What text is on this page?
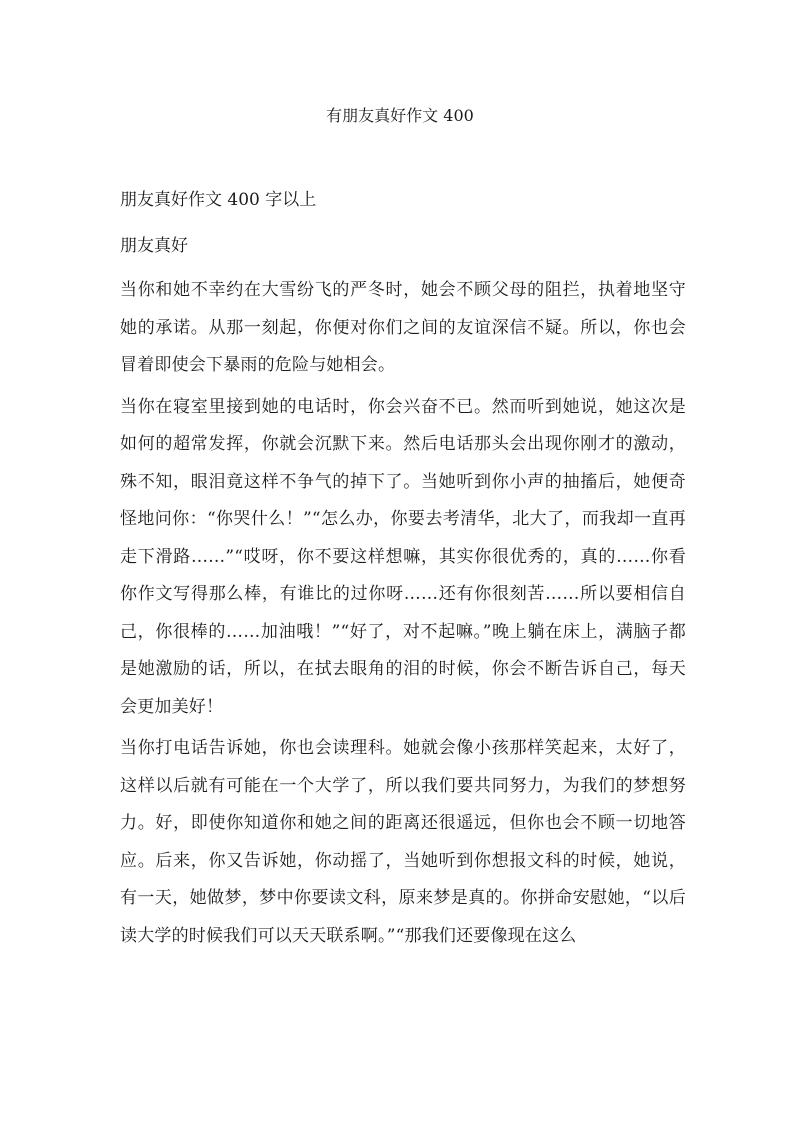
有朋友真好作文 400

朋友真好作文 400 字以上

朋友真好

当你和她不幸约在大雪纷飞的严冬时，她会不顾父母的阻拦，执着地坚守她的承诺。从那一刻起，你便对你们之间的友谊深信不疑。所以，你也会冒着即使会下暴雨的危险与她相会。

当你在寝室里接到她的电话时，你会兴奋不已。然而听到她说，她这次是如何的超常发挥，你就会沉默下来。然后电话那头会出现你刚才的激动，殊不知，眼泪竟这样不争气的掉下了。当她听到你小声的抽搐后，她便奇怪地问你：“你哭什么！”“怎么办，你要去考清华，北大了，而我却一直再走下滑路……”“哎呀，你不要这样想嘛，其实你很优秀的，真的……你看你作文写得那么棒，有谁比的过你呀……还有你很刻苦……所以要相信自己，你很棒的……加油哦！”“好了，对不起嘛。”晚上躺在床上，满脑子都是她激励的话，所以，在拭去眼角的泪的时候，你会不断告诉自己，每天会更加美好！

当你打电话告诉她，你也会读理科。她就会像小孩那样笑起来，太好了，这样以后就有可能在一个大学了，所以我们要共同努力，为我们的梦想努力。好，即使你知道你和她之间的距离还很遥远，但你也会不顾一切地答应。后来，你又告诉她，你动摇了，当她听到你想报文科的时候，她说，有一天，她做梦，梦中你要读文科，原来梦是真的。你拼命安慰她，“以后读大学的时候我们可以天天联系啊。”“那我们还要像现在这么
